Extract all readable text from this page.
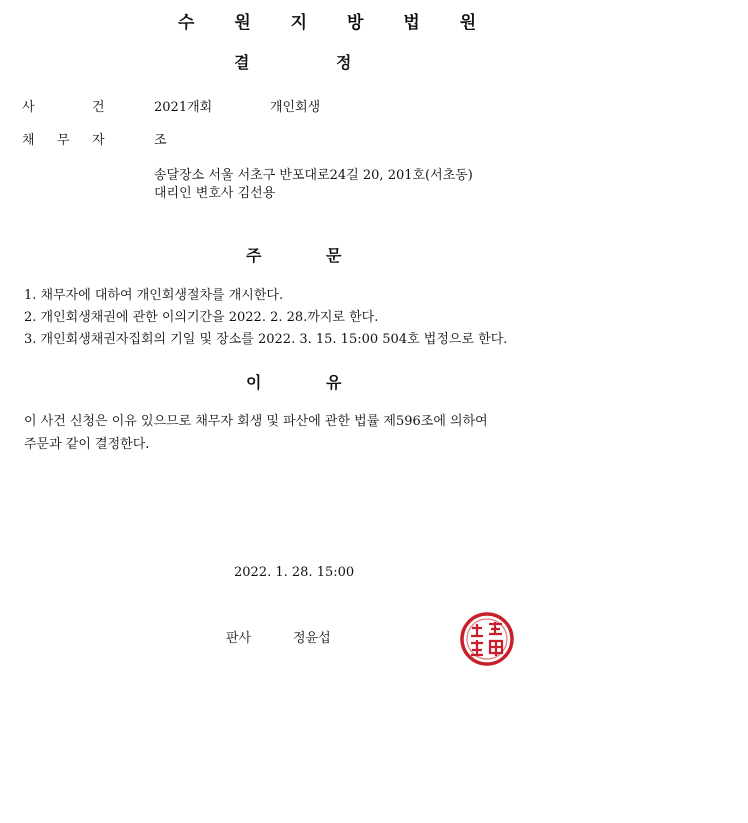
수 원 지 방 법 원
결	정
사	건	2021개회	개인회생
채 무 자	조
송달장소 서울 서초구 반포대로24길 20, 201호(서초동)
대리인 변호사 김선용
주	문
1. 채무자에 대하여 개인회생절차를 개시한다.
2. 개인회생채권에 관한 이의기간을 2022. 2. 28.까지로 한다.
3. 개인회생채권자집회의 기일 및 장소를 2022. 3. 15. 15:00 504호 법정으로 한다.
이	유
이 사건 신청은 이유 있으므로 채무자 회생 및 파산에 관한 법률 제596조에 의하여
주문과 같이 결정한다.
2022. 1. 28. 15:00
판사	정윤섭
